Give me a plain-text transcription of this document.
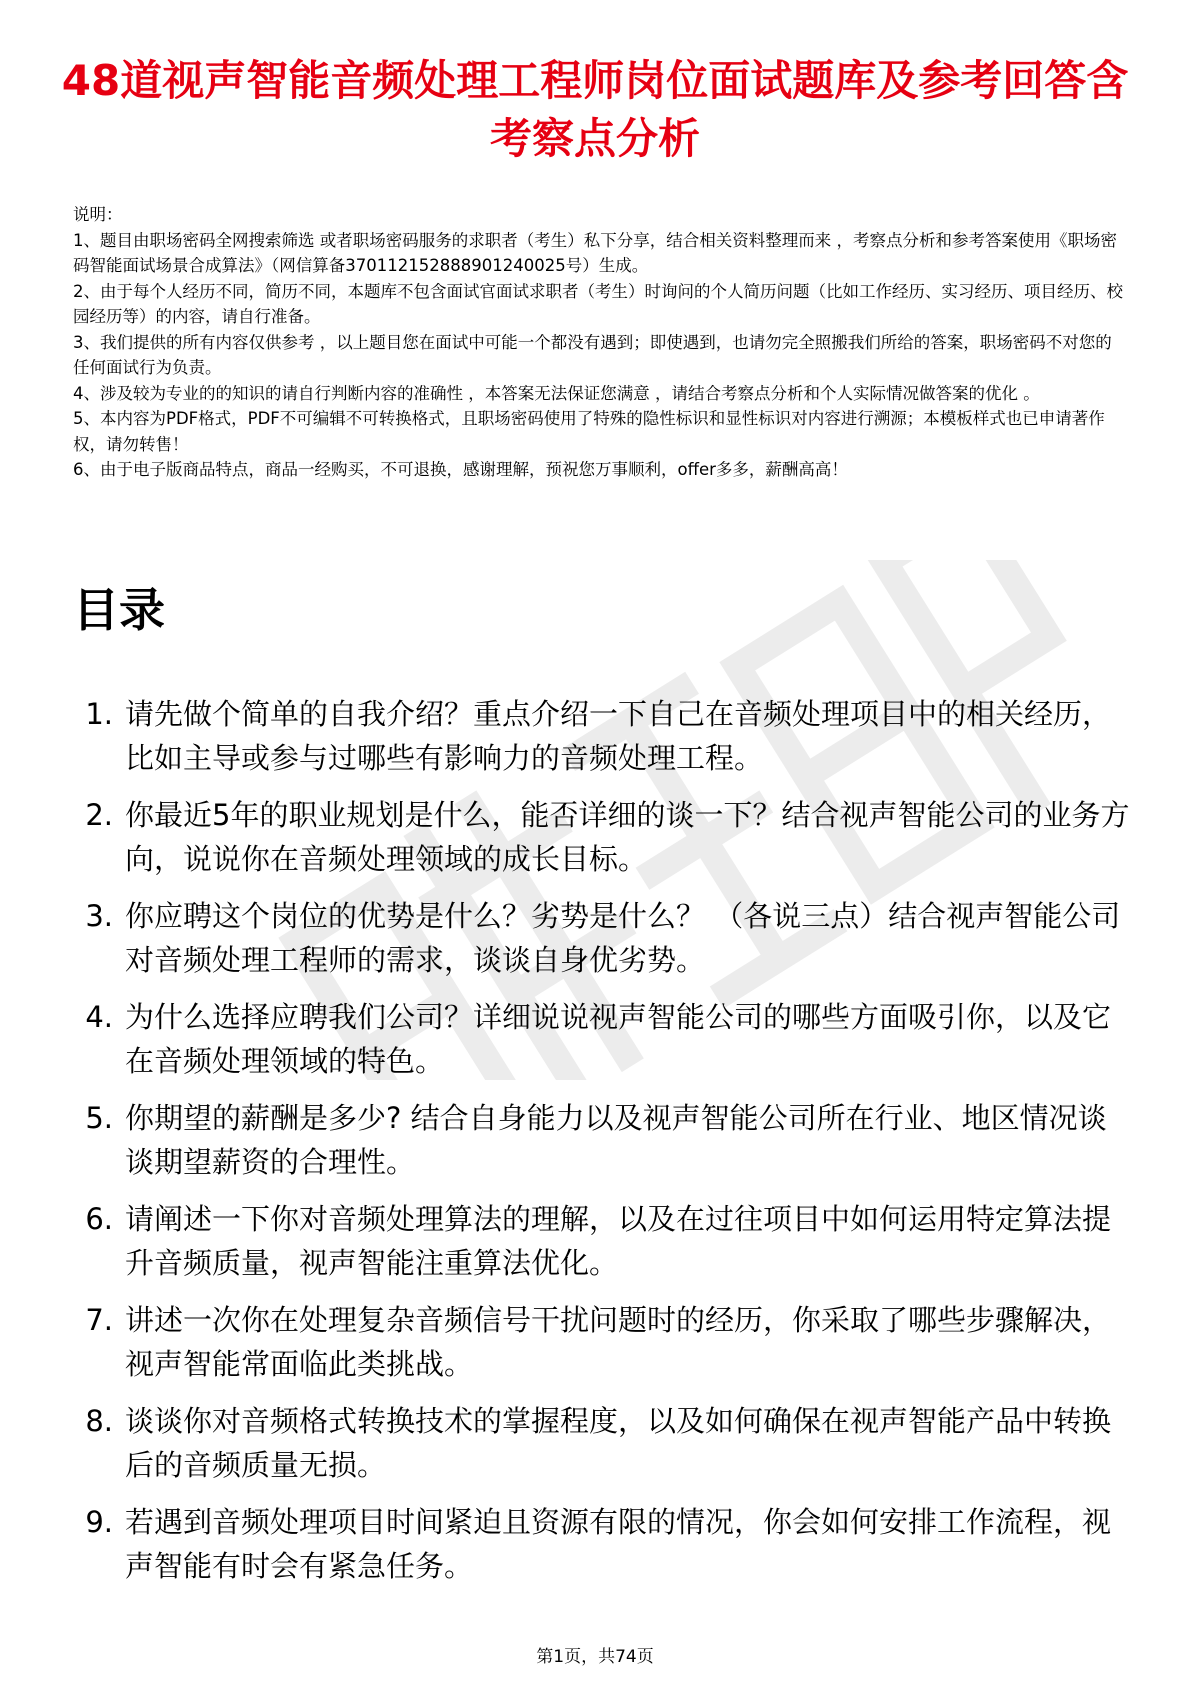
48道视声智能音频处理工程师岗位面试题库及参考回答含考察点分析

说明：

1、题目由职场密码全网搜索筛选 或者职场密码服务的求职者（考生）私下分享，结合相关资料整理而来 ，考察点分析和参考答案使用《职场密码智能面试场景合成算法》（网信算备370112152888901240025号）生成。

2、由于每个人经历不同，简历不同，本题库不包含面试官面试求职者（考生）时询问的个人简历问题（比如工作经历、实习经历、项目经历、校园经历等）的内容，请自行准备。

3、我们提供的所有内容仅供参考 ，以上题目您在面试中可能一个都没有遇到；即使遇到，也请勿完全照搬我们所给的答案，职场密码不对您的任何面试行为负责。

4、涉及较为专业的的知识的请自行判断内容的准确性 ，本答案无法保证您满意 ，请结合考察点分析和个人实际情况做答案的优化 。

5、本内容为PDF格式，PDF不可编辑不可转换格式，且职场密码使用了特殊的隐性标识和显性标识对内容进行溯源；本模板样式也已申请著作权，请勿转售！

6、由于电子版商品特点，商品一经购买，不可退换，感谢理解，预祝您万事顺利，offer多多，薪酬高高！

目录
1. 请先做个简单的自我介绍？重点介绍一下自己在音频处理项目中的相关经历，比如主导或参与过哪些有影响力的音频处理工程。
2. 你最近5年的职业规划是什么，能否详细的谈一下？结合视声智能公司的业务方向，说说你在音频处理领域的成长目标。
3. 你应聘这个岗位的优势是什么？劣势是什么？ （各说三点）结合视声智能公司对音频处理工程师的需求，谈谈自身优劣势。
4. 为什么选择应聘我们公司？详细说说视声智能公司的哪些方面吸引你，以及它在音频处理领域的特色。
5. 你期望的薪酬是多少? 结合自身能力以及视声智能公司所在行业、地区情况谈谈期望薪资的合理性。
6. 请阐述一下你对音频处理算法的理解，以及在过往项目中如何运用特定算法提升音频质量，视声智能注重算法优化。
7. 讲述一次你在处理复杂音频信号干扰问题时的经历，你采取了哪些步骤解决，视声智能常面临此类挑战。
8. 谈谈你对音频格式转换技术的掌握程度，以及如何确保在视声智能产品中转换后的音频质量无损。
9. 若遇到音频处理项目时间紧迫且资源有限的情况，你会如何安排工作流程，视声智能有时会有紧急任务。
第1页，共74页
